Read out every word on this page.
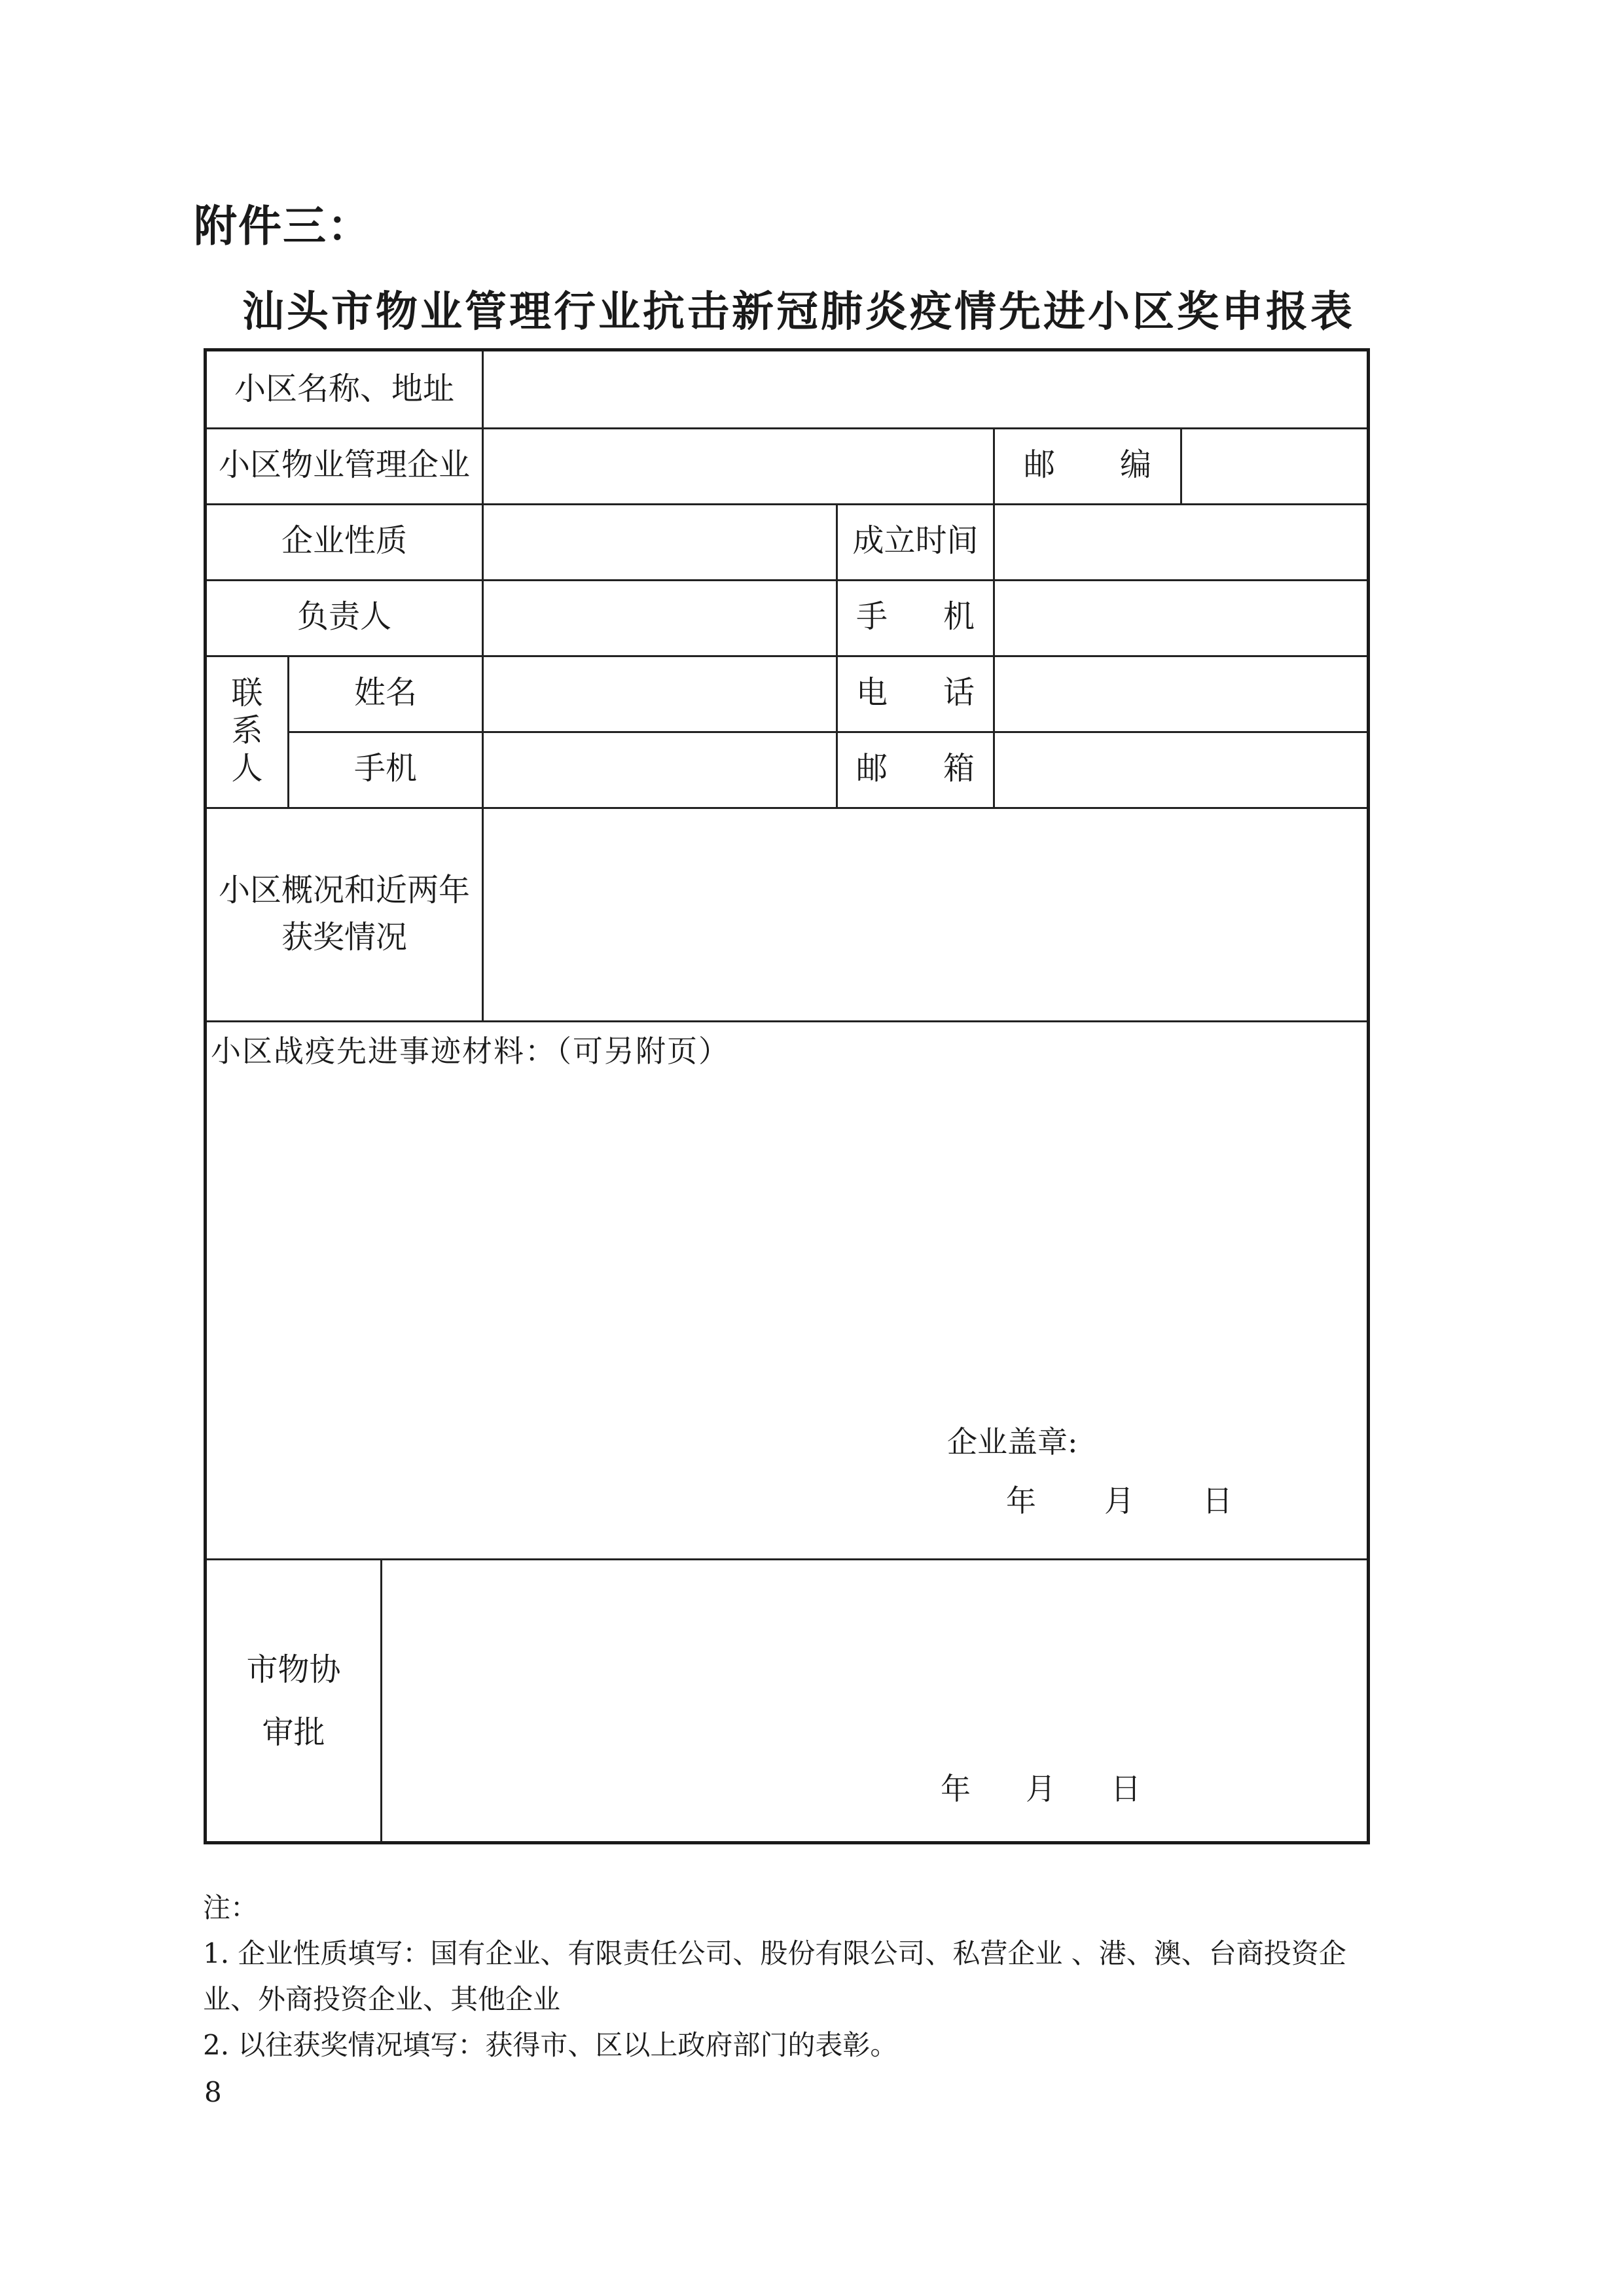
附件三：
汕头市物业管理行业抗击新冠肺炎疫情先进小区奖申报表
小区名称、地址
小区物业管理企业	邮 编
企业性质	成立时间
负责人	手 机
联
系
人
姓名	电 话
手机	邮 箱
小区概况和近两年
获奖情况
小区战疫先进事迹材料：（可另附页）
企业盖章:
年 月 日
市物协
审批
年 月 日
注：
1. 企业性质填写：国有企业、有限责任公司、股份有限公司、私营企业 、港、澳、台商投资企业、外商投资企业、其他企业
2. 以往获奖情况填写：获得市、区以上政府部门的表彰。
8
